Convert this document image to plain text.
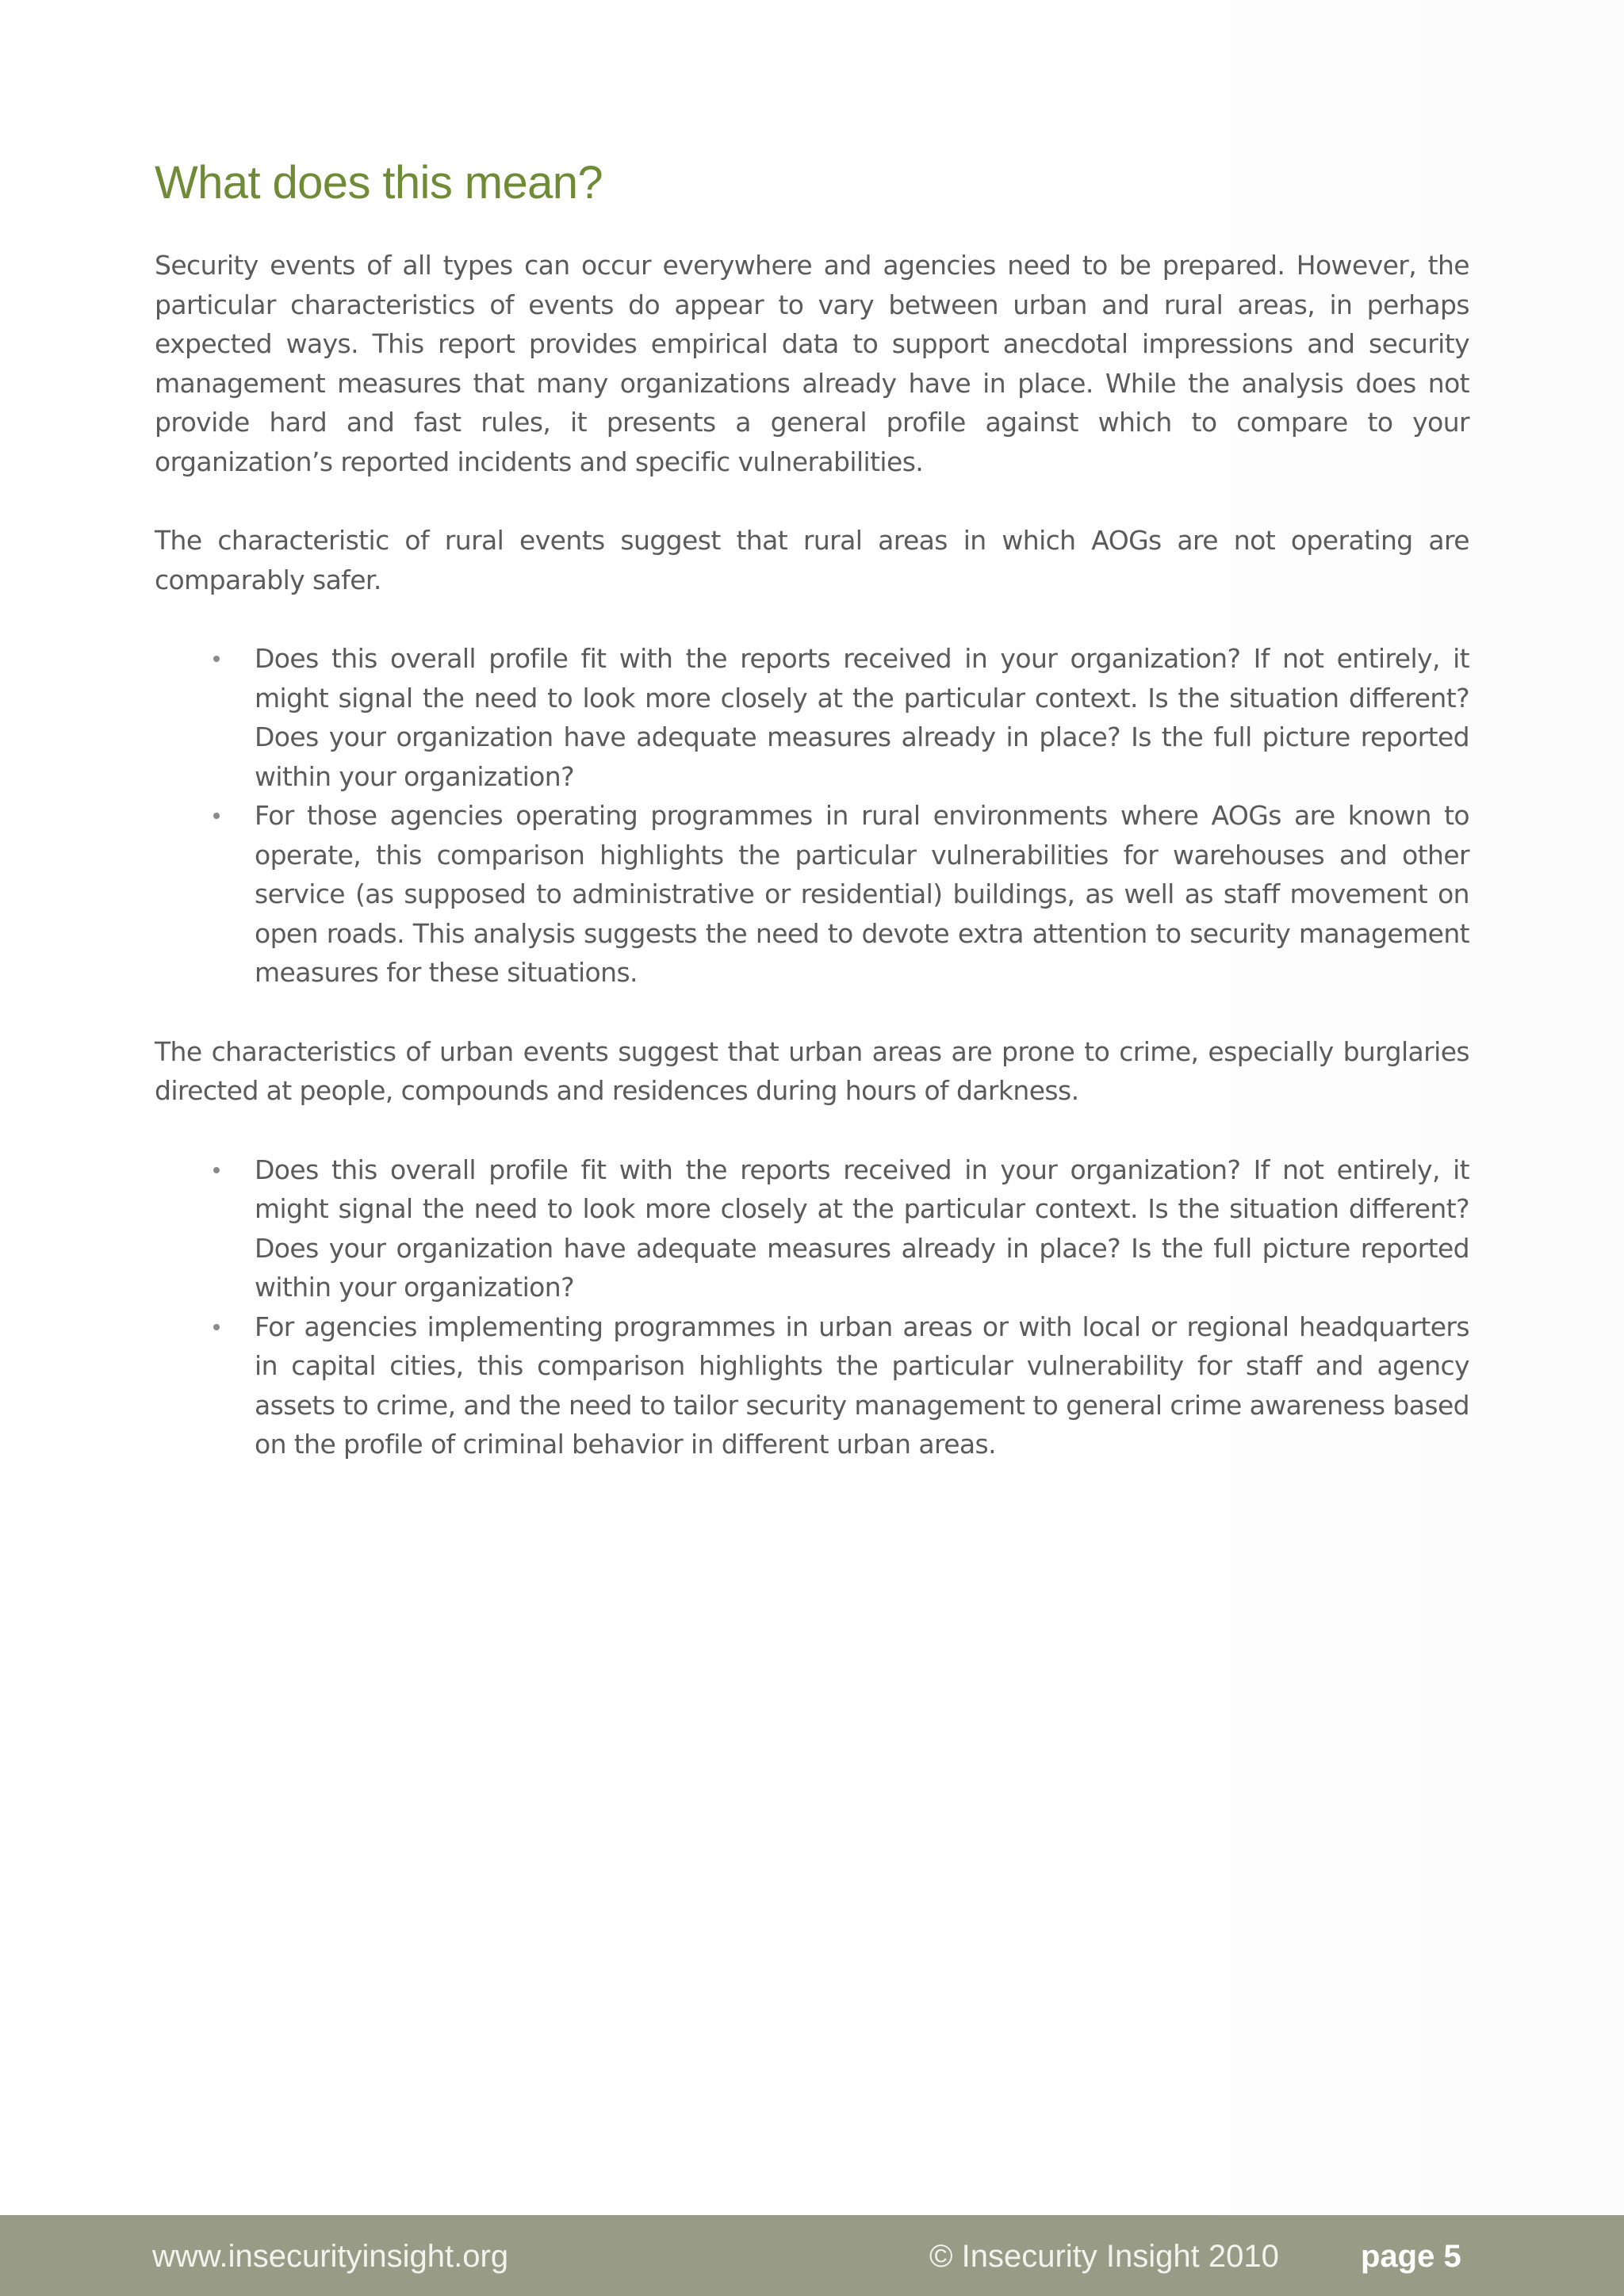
What does this mean?

Security events of all types can occur everywhere and agencies need to be prepared. However, the particular characteristics of events do appear to vary between urban and rural areas, in perhaps expected ways. This report provides empirical data to support anecdotal impressions and security management measures that many organizations already have in place. While the analysis does not provide hard and fast rules, it presents a general profile against which to compare to your organization’s reported incidents and specific vulnerabilities.

The characteristic of rural events suggest that rural areas in which AOGs are not operating are comparably safer.

Does this overall profile fit with the reports received in your organization? If not entirely, it might signal the need to look more closely at the particular context. Is the situation different? Does your organization have adequate measures already in place? Is the full picture reported within your organization?
For those agencies operating programmes in rural environments where AOGs are known to operate, this comparison highlights the particular vulnerabilities for warehouses and other service (as supposed to administrative or residential) buildings, as well as staff movement on open roads. This analysis suggests the need to devote extra attention to security management measures for these situations.

The characteristics of urban events suggest that urban areas are prone to crime, especially burglaries directed at people, compounds and residences during hours of darkness.

Does this overall profile fit with the reports received in your organization? If not entirely, it might signal the need to look more closely at the particular context. Is the situation different? Does your organization have adequate measures already in place? Is the full picture reported within your organization?
For agencies implementing programmes in urban areas or with local or regional headquarters in capital cities, this comparison highlights the particular vulnerability for staff and agency assets to crime, and the need to tailor security management to general crime awareness based on the profile of criminal behavior in different urban areas.
www.insecurityinsight.org	© Insecurity Insight 2010	page 5
